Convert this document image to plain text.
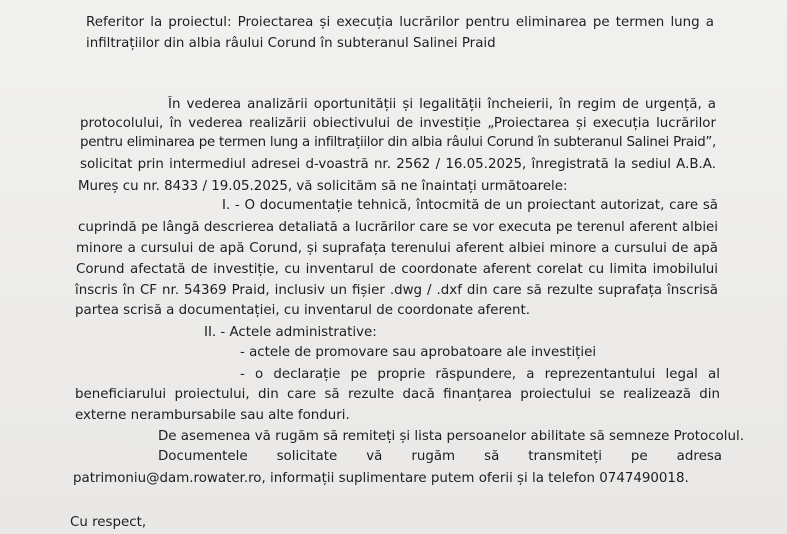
Referitor la proiectul: Proiectarea și execuția lucrărilor pentru eliminarea pe termen lung a
infiltrațiilor din albia râului Corund în subteranul Salinei Praid
În vederea analizării oportunității și legalității încheierii, în regim de urgență, a
protocolului, în vederea realizării obiectivului de investiție „Proiectarea și execuția lucrărilor
pentru eliminarea pe termen lung a infiltrațiilor din albia râului Corund în subteranul Salinei Praid”,
solicitat prin intermediul adresei d-voastră nr. 2562 / 16.05.2025, înregistrată la sediul A.B.A.
Mureș cu nr. 8433 / 19.05.2025, vă solicităm să ne înaintați următoarele:
I. - O documentație tehnică, întocmită de un proiectant autorizat, care să
cuprindă pe lângă descrierea detaliată a lucrărilor care se vor executa pe terenul aferent albiei
minore a cursului de apă Corund, și suprafața terenului aferent albiei minore a cursului de apă
Corund afectată de investiție, cu inventarul de coordonate aferent corelat cu limita imobilului
înscris în CF nr. 54369 Praid, inclusiv un fișier .dwg / .dxf din care să rezulte suprafața înscrisă
partea scrisă a documentației, cu inventarul de coordonate aferent.
II. - Actele administrative:
- actele de promovare sau aprobatoare ale investiției
- o declarație pe proprie răspundere, a reprezentantului legal al
beneficiarului proiectului, din care să rezulte dacă finanțarea proiectului se realizează din
externe nerambursabile sau alte fonduri.
De asemenea vă rugăm să remiteți și lista persoanelor abilitate să semneze Protocolul.
Documentele solicitate vă rugăm să transmiteți pe adresa
patrimoniu@dam.rowater.ro, informații suplimentare putem oferii și la telefon 0747490018.
Cu respect,
